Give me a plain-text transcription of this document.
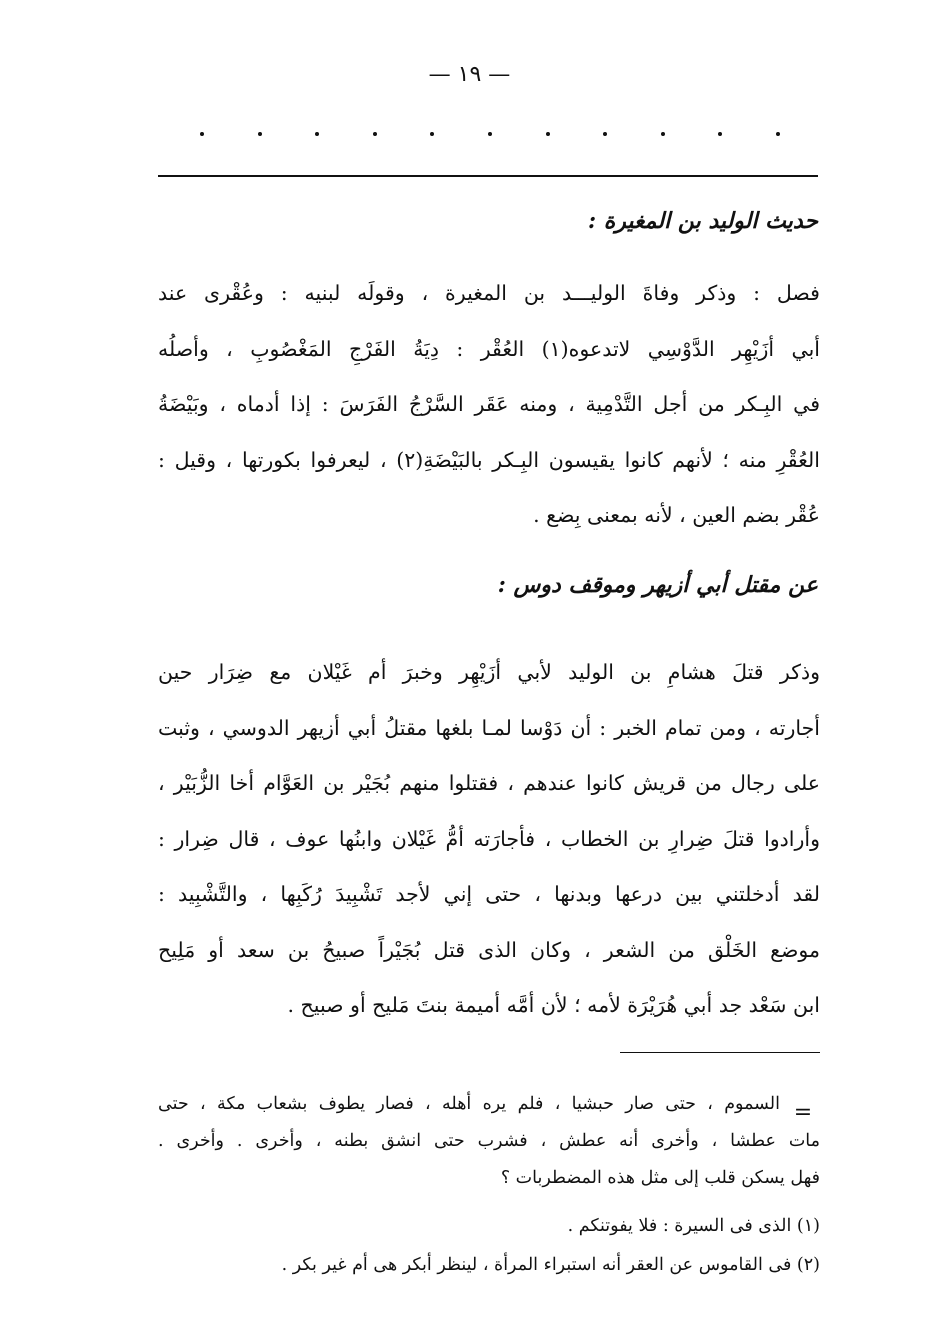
— ١٩ —
حديث الوليد بن المغيرة :
فصل : وذكر وفاةَ الوليـــد بن المغيرة ، وقولَه لبنيه : وعُقْرى عند
أبي أزَيْهِر الدَّوْسِي لاتدعوه(١) العُقْر : دِيَةُ الفَرْجِ المَغْصُوبِ ، وأصلُه
في البِـكر من أجل التَّدْمِية ، ومنه عَقَر السَّرْجُ الفَرَسَ : إذا أدماه ، وبَيْضَةُ
العُقْرِ منه ؛ لأنهم كانوا يقيسون البِـكر بالبَيْضَةِ(٢) ، ليعرفوا بكورتها ، وقيل :
عُقْر بضم العين ، لأنه بمعنى بِضع .
عن مقتل أبي أزيهر وموقف دوس :
وذكر قتلَ هشامِ بن الوليد لأبي أزَيْهِر وخبرَ أم غَيْلان مع ضِرَار حين
أجارته ، ومن تمام الخبر : أن دَوْسا لمـا بلغها مقتلُ أبي أزيهر الدوسي ، وثبت
على رجال من قريش كانوا عندهم ، فقتلوا منهم بُجَيْر بن العَوَّام أخا الزُّبَيْر ،
وأرادوا قتلَ ضِرارِ بن الخطاب ، فأجارَته أمُّ غَيْلان وابنُها عوف ، قال ضِرار :
لقد أدخلتني بين درعها وبدنها ، حتى إني لأجد تَشْبِيدَ رُكَبِها ، والتَّشْبِيد :
موضع الخَلْق من الشعر ، وكان الذى قتل بُجَيْراً صبيحُ بن سعد أو مَلِيح
ابن سَعْد جد أبي هُرَيْرَة لأمه ؛ لأن أمَّه أميمة بنتَ مَليح أو صبيح .
=
السموم ، حتى صار حبشيا ، فلم يره أهله ، فصار يطوف بشعاب مكة ، حتى
مات عطشا ، وأخرى أنه عطش ، فشرب حتى انشق بطنه ، وأخرى . وأخرى .
فهل يسكن قلب إلى مثل هذه المضطربات ؟
(١) الذى فى السيرة : فلا يفوتنكم .
(٢) فى القاموس عن العقر أنه استبراء المرأة ، لينظر أبكر هى أم غير بكر .
